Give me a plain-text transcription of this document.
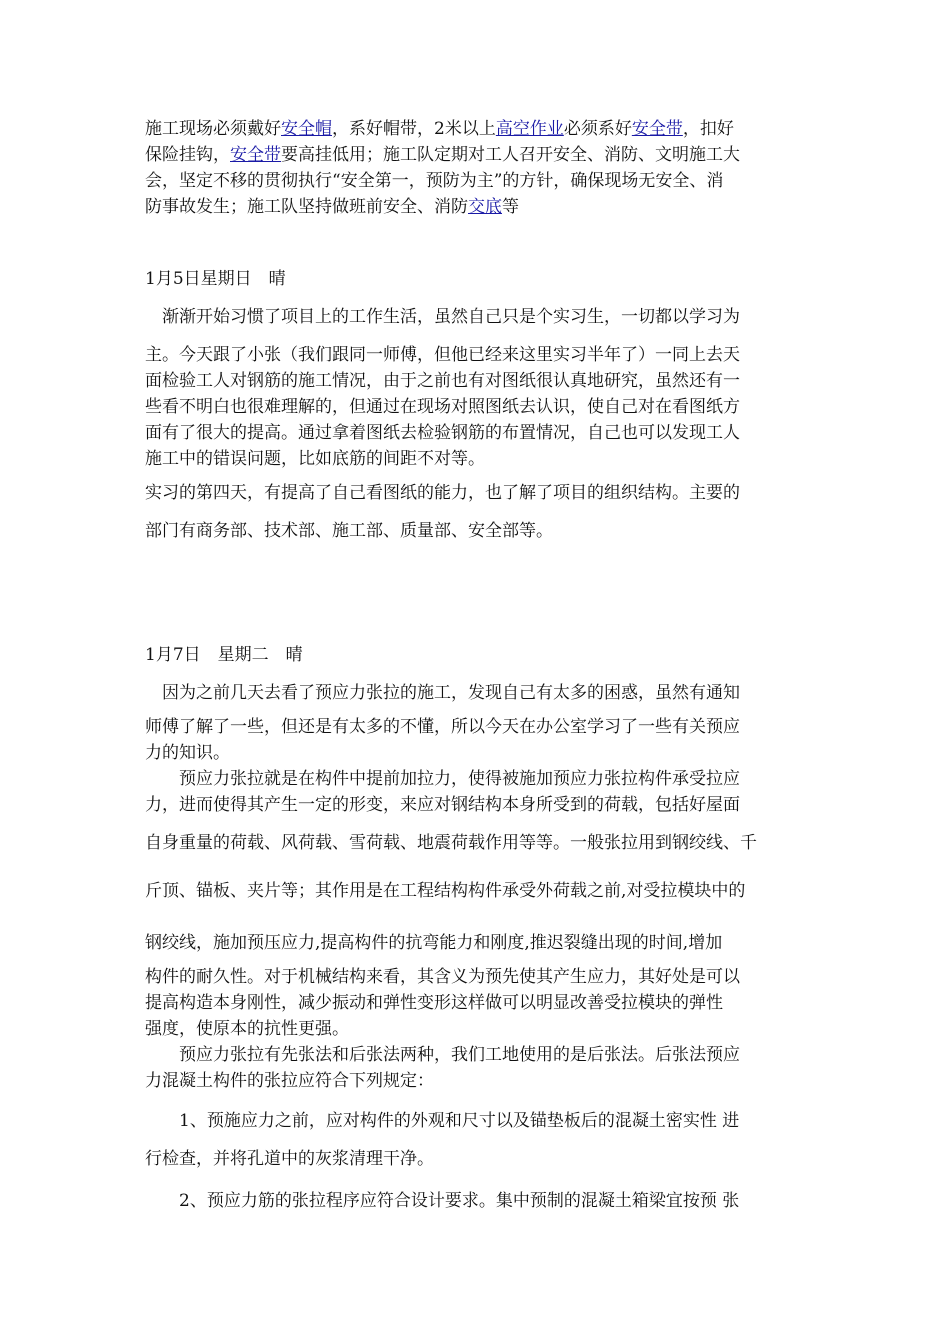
施工现场必须戴好安全帽，系好帽带，2米以上高空作业必须系好安全带，扣好
保险挂钩，安全带要高挂低用；施工队定期对工人召开安全、消防、文明施工大
会，坚定不移的贯彻执行“安全第一，预防为主”的方针，确保现场无安全、消
防事故发生；施工队坚持做班前安全、消防交底等
1月5日星期日　晴
　渐渐开始习惯了项目上的工作生活，虽然自己只是个实习生，一切都以学习为
主。今天跟了小张（我们跟同一师傅，但他已经来这里实习半年了）一同上去天
面检验工人对钢筋的施工情况，由于之前也有对图纸很认真地研究，虽然还有一
些看不明白也很难理解的，但通过在现场对照图纸去认识，使自己对在看图纸方
面有了很大的提高。通过拿着图纸去检验钢筋的布置情况，自己也可以发现工人
施工中的错误问题，比如底筋的间距不对等。
实习的第四天，有提高了自己看图纸的能力，也了解了项目的组织结构。主要的
部门有商务部、技术部、施工部、质量部、安全部等。
1月7日　星期二　晴
　因为之前几天去看了预应力张拉的施工，发现自己有太多的困惑，虽然有通知
师傅了解了一些，但还是有太多的不懂，所以今天在办公室学习了一些有关预应
力的知识。
　　预应力张拉就是在构件中提前加拉力，使得被施加预应力张拉构件承受拉应
力，进而使得其产生一定的形变，来应对钢结构本身所受到的荷载，包括好屋面
自身重量的荷载、风荷载、雪荷载、地震荷载作用等等。一般张拉用到钢绞线、千
斤顶、锚板、夹片等；其作用是在工程结构构件承受外荷载之前,对受拉模块中的
钢绞线，施加预压应力,提高构件的抗弯能力和刚度,推迟裂缝出现的时间,增加
构件的耐久性。对于机械结构来看，其含义为预先使其产生应力，其好处是可以
提高构造本身刚性，减少振动和弹性变形这样做可以明显改善受拉模块的弹性
强度，使原本的抗性更强。
　　预应力张拉有先张法和后张法两种，我们工地使用的是后张法。后张法预应
力混凝土构件的张拉应符合下列规定：
　　1、预施应力之前，应对构件的外观和尺寸以及锚垫板后的混凝土密实性 进
行检查，并将孔道中的灰浆清理干净。
　　2、预应力筋的张拉程序应符合设计要求。集中预制的混凝土箱梁宜按预 张
